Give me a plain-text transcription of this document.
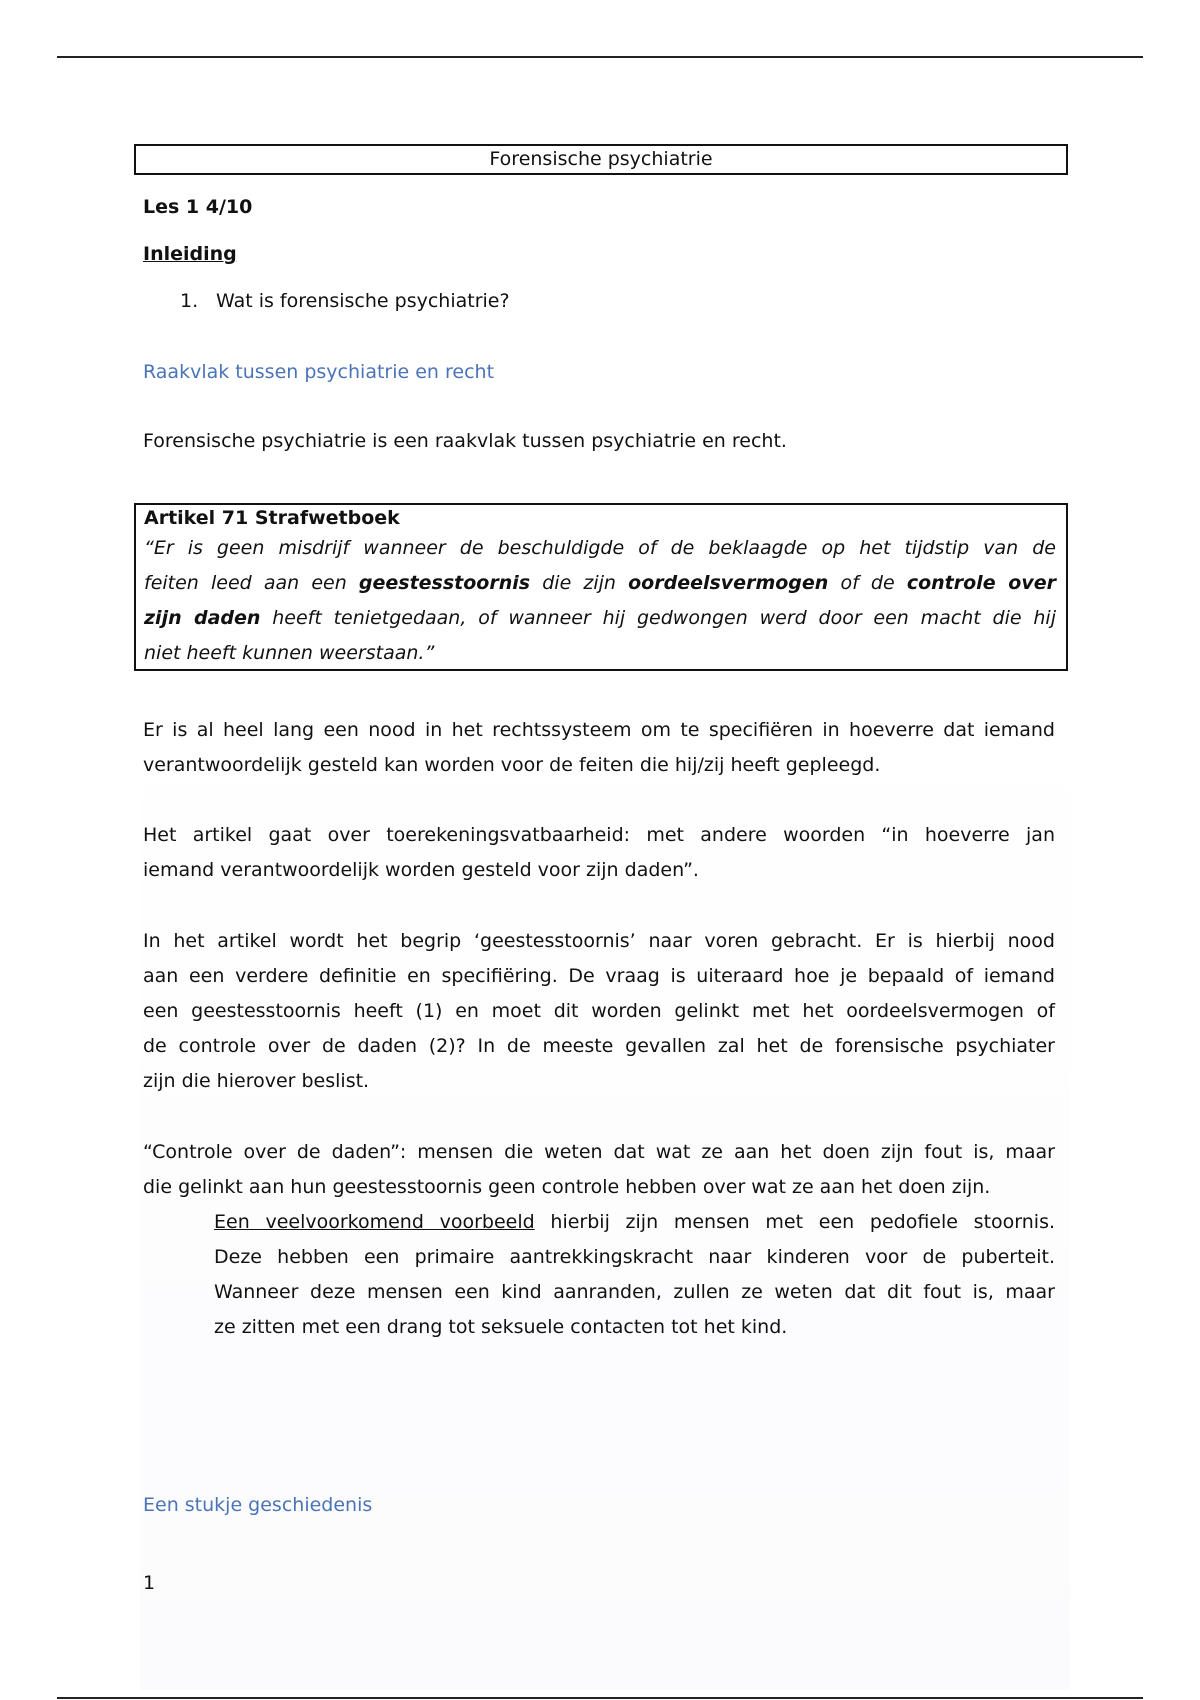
Forensische psychiatrie
Les 1 4/10
Inleiding
1. Wat is forensische psychiatrie?
Raakvlak tussen psychiatrie en recht
Forensische psychiatrie is een raakvlak tussen psychiatrie en recht.
Artikel 71 Strafwetboek
“Er is geen misdrijf wanneer de beschuldigde of de beklaagde op het tijdstip van de
feiten leed aan een geestesstoornis die zijn oordeelsvermogen of de controle over
zijn daden heeft tenietgedaan, of wanneer hij gedwongen werd door een macht die hij
niet heeft kunnen weerstaan.”
Er is al heel lang een nood in het rechtssysteem om te specifiëren in hoeverre dat iemand
verantwoordelijk gesteld kan worden voor de feiten die hij/zij heeft gepleegd.
Het artikel gaat over toerekeningsvatbaarheid: met andere woorden “in hoeverre jan
iemand verantwoordelijk worden gesteld voor zijn daden”.
In het artikel wordt het begrip ‘geestesstoornis’ naar voren gebracht. Er is hierbij nood
aan een verdere definitie en specifiëring. De vraag is uiteraard hoe je bepaald of iemand
een geestesstoornis heeft (1) en moet dit worden gelinkt met het oordeelsvermogen of
de controle over de daden (2)? In de meeste gevallen zal het de forensische psychiater
zijn die hierover beslist.
“Controle over de daden”: mensen die weten dat wat ze aan het doen zijn fout is, maar
die gelinkt aan hun geestesstoornis geen controle hebben over wat ze aan het doen zijn.
Een veelvoorkomend voorbeeld hierbij zijn mensen met een pedofiele stoornis.
Deze hebben een primaire aantrekkingskracht naar kinderen voor de puberteit.
Wanneer deze mensen een kind aanranden, zullen ze weten dat dit fout is, maar
ze zitten met een drang tot seksuele contacten tot het kind.
Een stukje geschiedenis
1
